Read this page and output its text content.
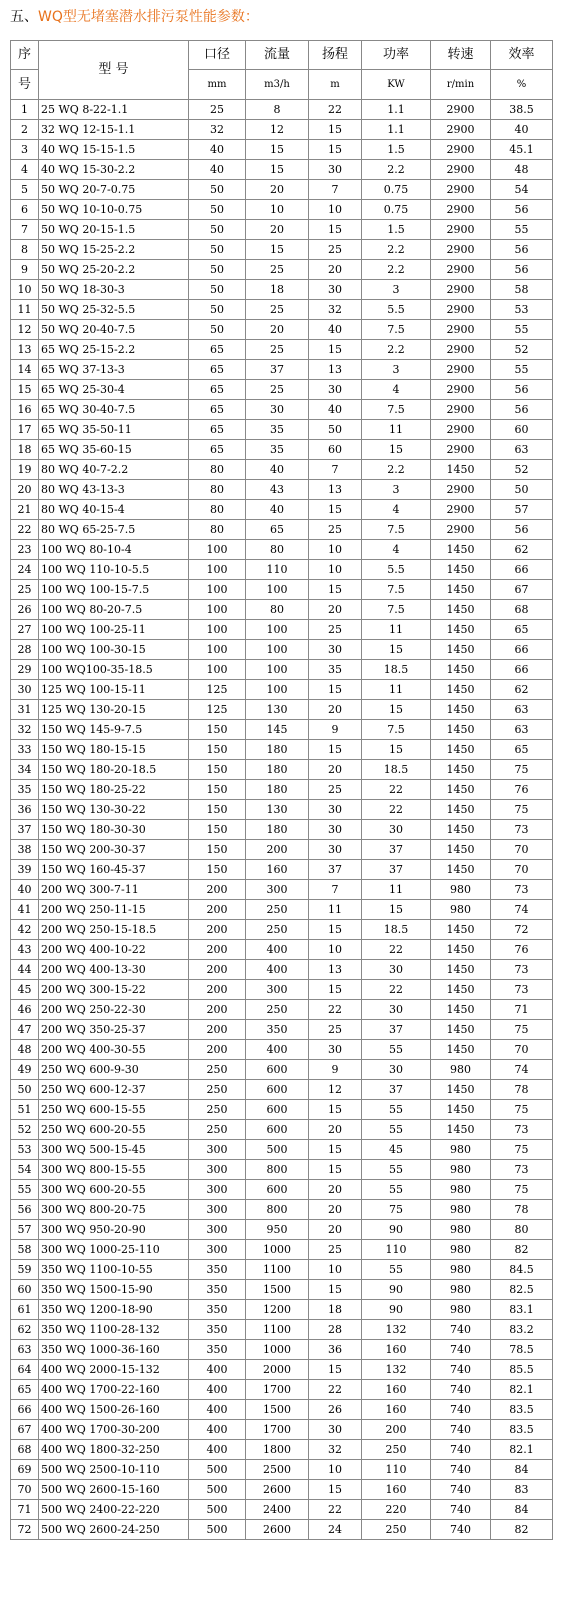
五、WQ型无堵塞潜水排污泵性能参数：
序	型 号	口径	流量	扬程	功率	转速	效率
号		mm	m3/h	m	KW	r/min	%
1	25 WQ 8-22-1.1	25	8	22	1.1	2900	38.5
2	32 WQ 12-15-1.1	32	12	15	1.1	2900	40
3	40 WQ 15-15-1.5	40	15	15	1.5	2900	45.1
4	40 WQ 15-30-2.2	40	15	30	2.2	2900	48
5	50 WQ 20-7-0.75	50	20	7	0.75	2900	54
6	50 WQ 10-10-0.75	50	10	10	0.75	2900	56
7	50 WQ 20-15-1.5	50	20	15	1.5	2900	55
8	50 WQ 15-25-2.2	50	15	25	2.2	2900	56
9	50 WQ 25-20-2.2	50	25	20	2.2	2900	56
10	50 WQ 18-30-3	50	18	30	3	2900	58
11	50 WQ 25-32-5.5	50	25	32	5.5	2900	53
12	50 WQ 20-40-7.5	50	20	40	7.5	2900	55
13	65 WQ 25-15-2.2	65	25	15	2.2	2900	52
14	65 WQ 37-13-3	65	37	13	3	2900	55
15	65 WQ 25-30-4	65	25	30	4	2900	56
16	65 WQ 30-40-7.5	65	30	40	7.5	2900	56
17	65 WQ 35-50-11	65	35	50	11	2900	60
18	65 WQ 35-60-15	65	35	60	15	2900	63
19	80 WQ 40-7-2.2	80	40	7	2.2	1450	52
20	80 WQ 43-13-3	80	43	13	3	2900	50
21	80 WQ 40-15-4	80	40	15	4	2900	57
22	80 WQ 65-25-7.5	80	65	25	7.5	2900	56
23	100 WQ 80-10-4	100	80	10	4	1450	62
24	100 WQ 110-10-5.5	100	110	10	5.5	1450	66
25	100 WQ 100-15-7.5	100	100	15	7.5	1450	67
26	100 WQ 80-20-7.5	100	80	20	7.5	1450	68
27	100 WQ 100-25-11	100	100	25	11	1450	65
28	100 WQ 100-30-15	100	100	30	15	1450	66
29	100 WQ100-35-18.5	100	100	35	18.5	1450	66
30	125 WQ 100-15-11	125	100	15	11	1450	62
31	125 WQ 130-20-15	125	130	20	15	1450	63
32	150 WQ 145-9-7.5	150	145	9	7.5	1450	63
33	150 WQ 180-15-15	150	180	15	15	1450	65
34	150 WQ 180-20-18.5	150	180	20	18.5	1450	75
35	150 WQ 180-25-22	150	180	25	22	1450	76
36	150 WQ 130-30-22	150	130	30	22	1450	75
37	150 WQ 180-30-30	150	180	30	30	1450	73
38	150 WQ 200-30-37	150	200	30	37	1450	70
39	150 WQ 160-45-37	150	160	37	37	1450	70
40	200 WQ 300-7-11	200	300	7	11	980	73
41	200 WQ 250-11-15	200	250	11	15	980	74
42	200 WQ 250-15-18.5	200	250	15	18.5	1450	72
43	200 WQ 400-10-22	200	400	10	22	1450	76
44	200 WQ 400-13-30	200	400	13	30	1450	73
45	200 WQ 300-15-22	200	300	15	22	1450	73
46	200 WQ 250-22-30	200	250	22	30	1450	71
47	200 WQ 350-25-37	200	350	25	37	1450	75
48	200 WQ 400-30-55	200	400	30	55	1450	70
49	250 WQ 600-9-30	250	600	9	30	980	74
50	250 WQ 600-12-37	250	600	12	37	1450	78
51	250 WQ 600-15-55	250	600	15	55	1450	75
52	250 WQ 600-20-55	250	600	20	55	1450	73
53	300 WQ 500-15-45	300	500	15	45	980	75
54	300 WQ 800-15-55	300	800	15	55	980	73
55	300 WQ 600-20-55	300	600	20	55	980	75
56	300 WQ 800-20-75	300	800	20	75	980	78
57	300 WQ 950-20-90	300	950	20	90	980	80
58	300 WQ 1000-25-110	300	1000	25	110	980	82
59	350 WQ 1100-10-55	350	1100	10	55	980	84.5
60	350 WQ 1500-15-90	350	1500	15	90	980	82.5
61	350 WQ 1200-18-90	350	1200	18	90	980	83.1
62	350 WQ 1100-28-132	350	1100	28	132	740	83.2
63	350 WQ 1000-36-160	350	1000	36	160	740	78.5
64	400 WQ 2000-15-132	400	2000	15	132	740	85.5
65	400 WQ 1700-22-160	400	1700	22	160	740	82.1
66	400 WQ 1500-26-160	400	1500	26	160	740	83.5
67	400 WQ 1700-30-200	400	1700	30	200	740	83.5
68	400 WQ 1800-32-250	400	1800	32	250	740	82.1
69	500 WQ 2500-10-110	500	2500	10	110	740	84
70	500 WQ 2600-15-160	500	2600	15	160	740	83
71	500 WQ 2400-22-220	500	2400	22	220	740	84
72	500 WQ 2600-24-250	500	2600	24	250	740	82
